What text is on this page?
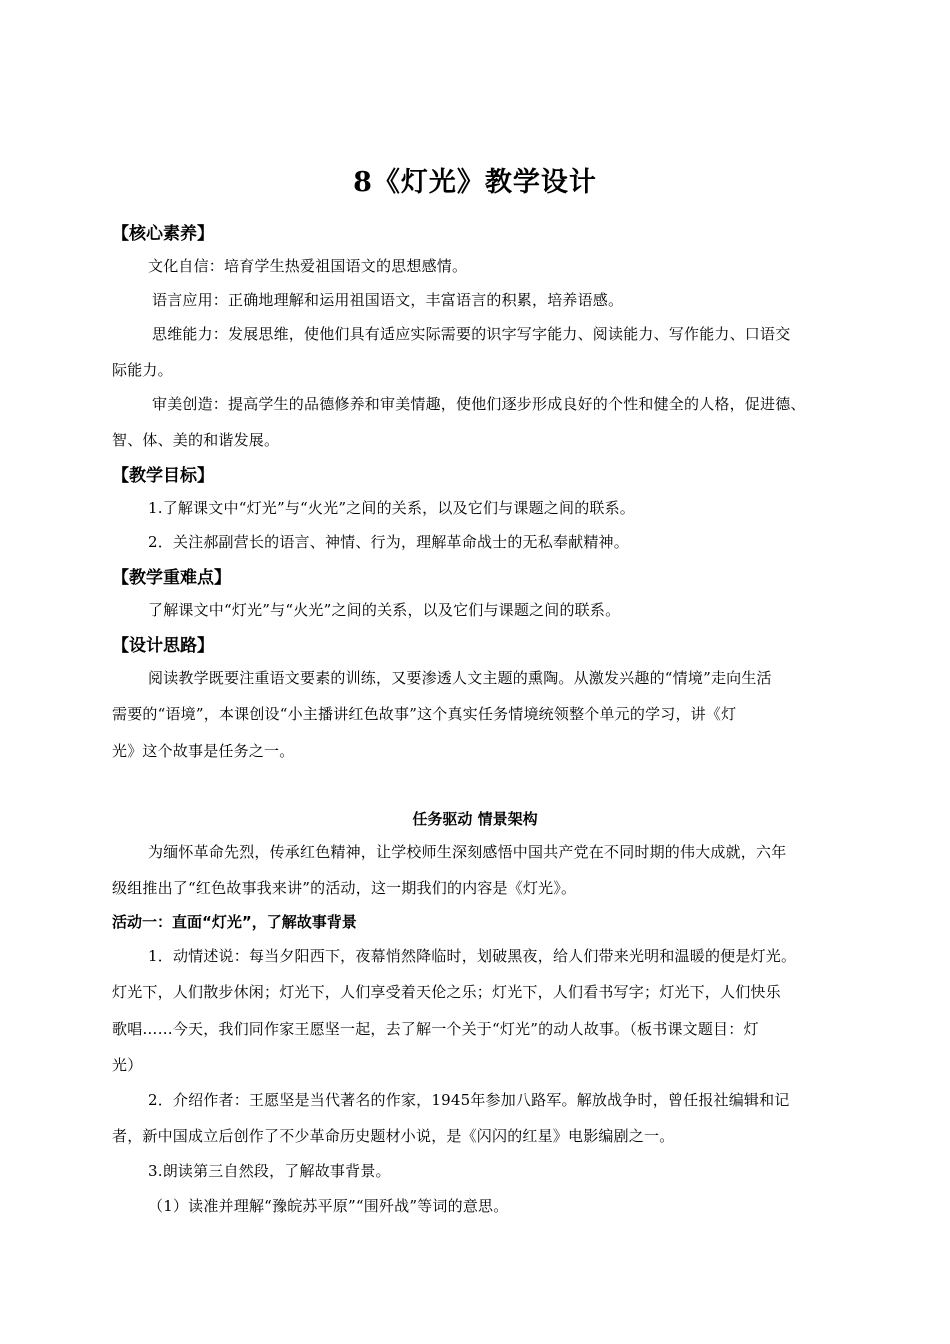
8《灯光》教学设计
【核心素养】
文化自信：培育学生热爱祖国语文的思想感情。
语言应用：正确地理解和运用祖国语文，丰富语言的积累，培养语感。
思维能力：发展思维，使他们具有适应实际需要的识字写字能力、阅读能力、写作能力、口语交
际能力。
审美创造：提高学生的品德修养和审美情趣，使他们逐步形成良好的个性和健全的人格，促进德、
智、体、美的和谐发展。
【教学目标】
1.了解课文中“灯光”与“火光”之间的关系，以及它们与课题之间的联系。
2．关注郝副营长的语言、神情、行为，理解革命战士的无私奉献精神。
【教学重难点】
了解课文中“灯光”与“火光”之间的关系，以及它们与课题之间的联系。
【设计思路】
阅读教学既要注重语文要素的训练，又要渗透人文主题的熏陶。从激发兴趣的“情境”走向生活
需要的“语境”，本课创设“小主播讲红色故事”这个真实任务情境统领整个单元的学习，讲《灯
光》这个故事是任务之一。
任务驱动 情景架构
为缅怀革命先烈，传承红色精神，让学校师生深刻感悟中国共产党在不同时期的伟大成就，六年
级组推出了“红色故事我来讲”的活动，这一期我们的内容是《灯光》。
活动一：直面“灯光”，了解故事背景
1．动情述说：每当夕阳西下，夜幕悄然降临时，划破黑夜，给人们带来光明和温暖的便是灯光。
灯光下，人们散步休闲；灯光下，人们享受着天伦之乐；灯光下，人们看书写字；灯光下，人们快乐
歌唱……今天，我们同作家王愿坚一起，去了解一个关于“灯光”的动人故事。（板书课文题目：灯
光）
2．介绍作者：王愿坚是当代著名的作家，1945年参加八路军。解放战争时，曾任报社编辑和记
者，新中国成立后创作了不少革命历史题材小说，是《闪闪的红星》电影编剧之一。
3.朗读第三自然段，了解故事背景。
（1）读准并理解“豫皖苏平原”“围歼战”等词的意思。
